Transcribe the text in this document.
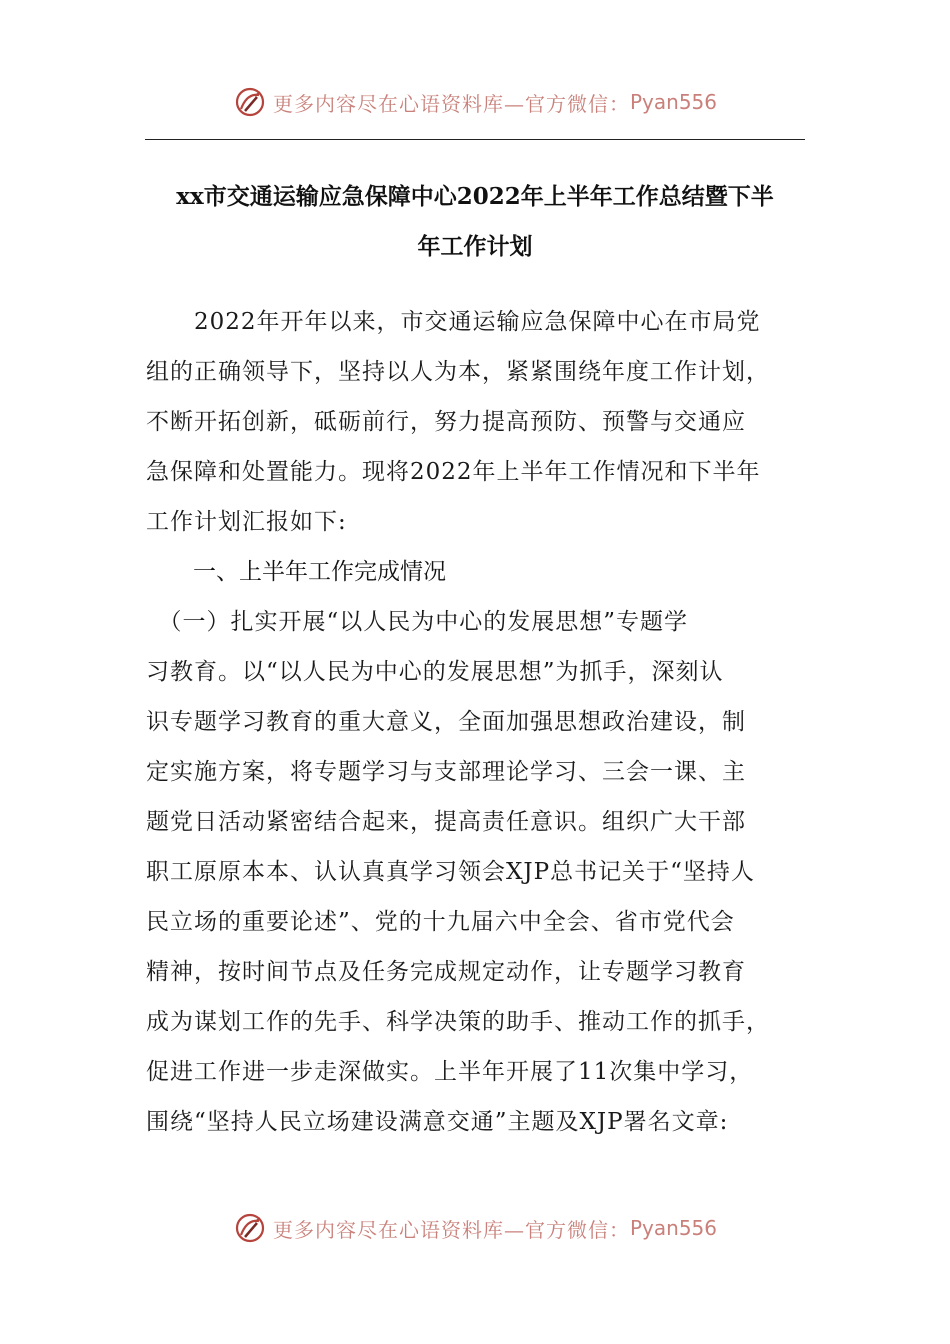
更多内容尽在心语资料库—官方微信： Pyan556
xx市交通运输应急保障中心2022年上半年工作总结暨下半
年工作计划
　　2022年开年以来，市交通运输应急保障中心在市局党
组的正确领导下，坚持以人为本，紧紧围绕年度工作计划，
不断开拓创新，砥砺前行，努力提高预防、预警与交通应
急保障和处置能力。现将2022年上半年工作情况和下半年
工作计划汇报如下:
一、上半年工作完成情况
　（一）扎实开展“以人民为中心的发展思想”专题学
习教育。以“以人民为中心的发展思想”为抓手，深刻认
识专题学习教育的重大意义，全面加强思想政治建设，制
定实施方案，将专题学习与支部理论学习、三会一课、主
题党日活动紧密结合起来，提高责任意识。组织广大干部
职工原原本本、认认真真学习领会XJP总书记关于“坚持人
民立场的重要论述”、党的十九届六中全会、省市党代会
精神，按时间节点及任务完成规定动作，让专题学习教育
成为谋划工作的先手、科学决策的助手、推动工作的抓手，
促进工作进一步走深做实。上半年开展了11次集中学习，
围绕“坚持人民立场建设满意交通”主题及XJP署名文章:
更多内容尽在心语资料库—官方微信： Pyan556
